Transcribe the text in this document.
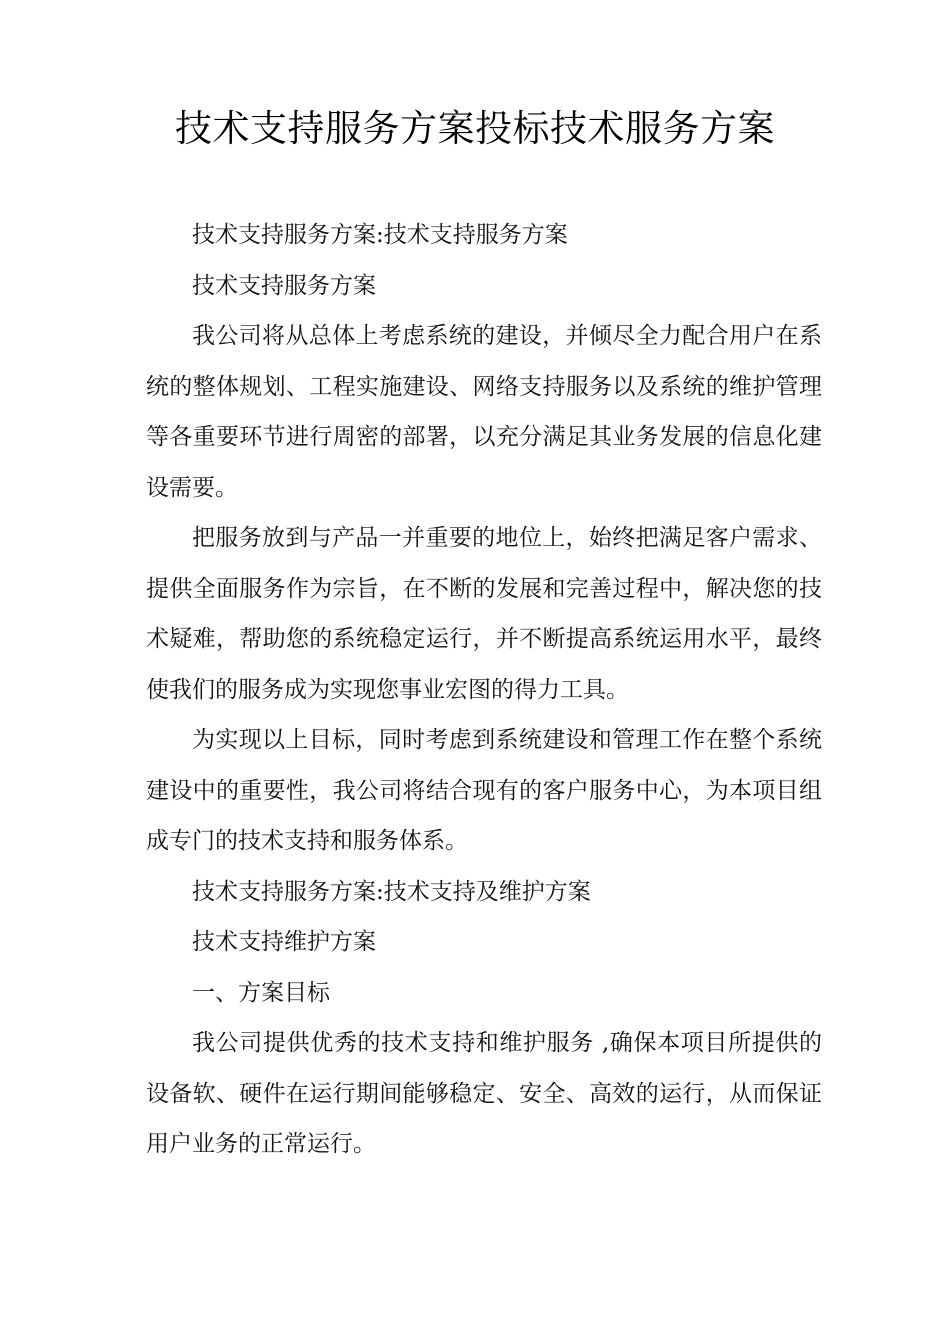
技术支持服务方案投标技术服务方案

技术支持服务方案:技术支持服务方案

技术支持服务方案

我公司将从总体上考虑系统的建设，并倾尽全力配合用户在系统的整体规划、工程实施建设、网络支持服务以及系统的维护管理等各重要环节进行周密的部署，以充分满足其业务发展的信息化建设需要。

把服务放到与产品一并重要的地位上，始终把满足客户需求、提供全面服务作为宗旨，在不断的发展和完善过程中，解决您的技术疑难，帮助您的系统稳定运行，并不断提高系统运用水平，最终使我们的服务成为实现您事业宏图的得力工具。

为实现以上目标，同时考虑到系统建设和管理工作在整个系统建设中的重要性，我公司将结合现有的客户服务中心，为本项目组成专门的技术支持和服务体系。

技术支持服务方案:技术支持及维护方案

技术支持维护方案

一、方案目标

我公司提供优秀的技术支持和维护服务 ,确保本项目所提供的设备软、硬件在运行期间能够稳定、安全、高效的运行，从而保证用户业务的正常运行。
